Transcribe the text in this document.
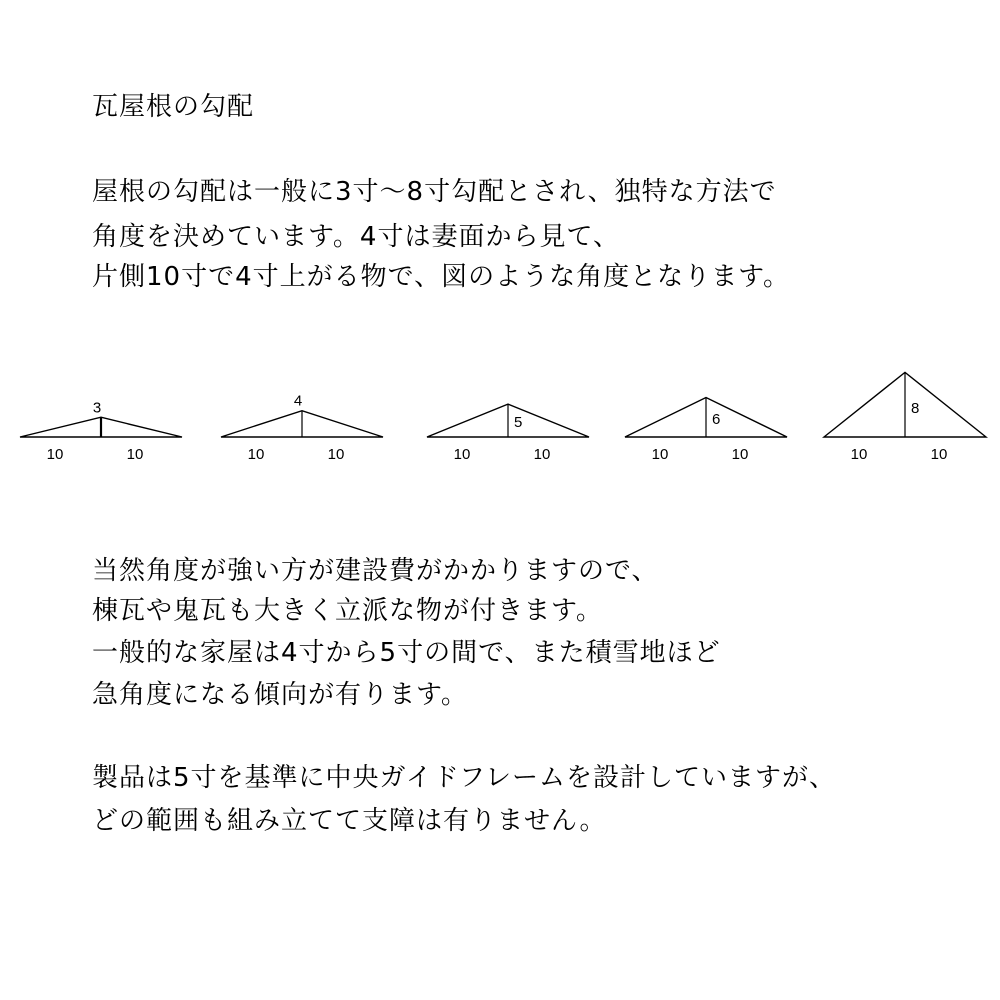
瓦屋根の勾配
屋根の勾配は一般に3寸～8寸勾配とされ、独特な方法で
角度を決めています。4寸は妻面から見て、
片側10寸で4寸上がる物で、図のような角度となります。
3
10	10
4
10	10
5
10	10
6
10	10
8
10	10
当然角度が強い方が建設費がかかりますので、
棟瓦や鬼瓦も大きく立派な物が付きます。
一般的な家屋は4寸から5寸の間で、また積雪地ほど
急角度になる傾向が有ります。
製品は5寸を基準に中央ガイドフレームを設計していますが、
どの範囲も組み立てて支障は有りません。
